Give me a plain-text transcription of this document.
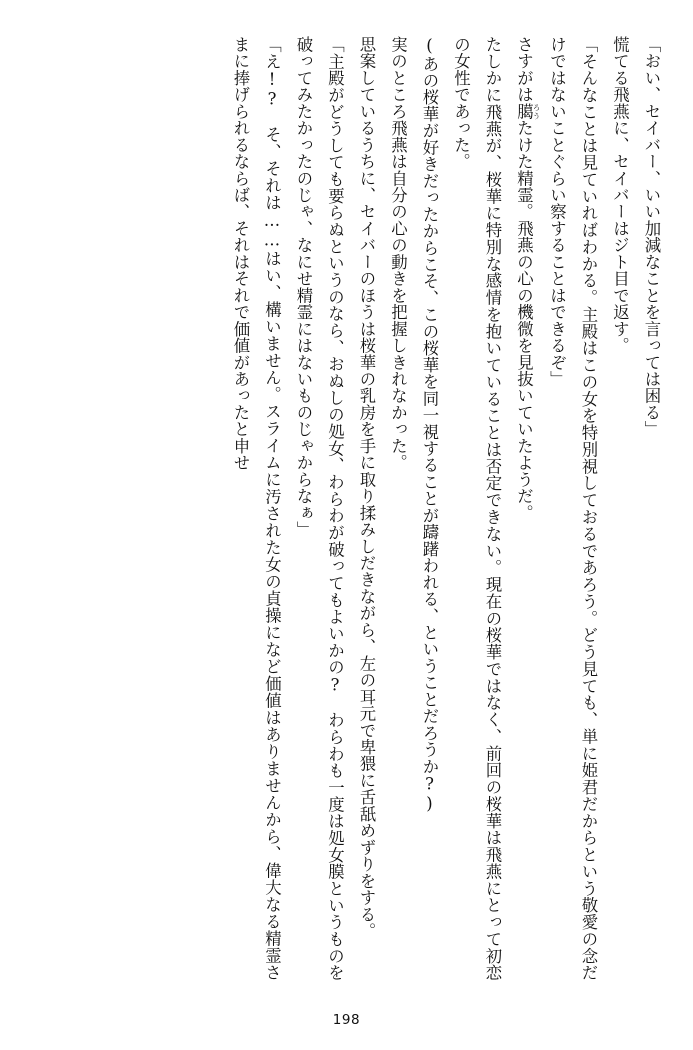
「おい、セイバー、いい加減なことを言っては困る」

慌てる飛燕に、セイバーはジト目で返す。

「そんなことは見ていればわかる。主殿はこの女を特別視しておるであろう。どう見ても、単に姫君だからという敬愛の念だけではないことぐらい察することはできるぞ」

さすがは臈 ろうたけた精霊。飛燕の心の機微を見抜いていたようだ。

たしかに飛燕が、桜華に特別な感情を抱いていることは否定できない。現在の桜華ではなく、前回の桜華は飛燕にとって初恋の女性であった。

(あの桜華が好きだったからこそ、この桜華を同一視することが躊躇われる、ということだろうか?)

実のところ飛燕は自分の心の動きを把握しきれなかった。

思案しているうちに、セイバーのほうは桜華の乳房を手に取り揉みしだきながら、左の耳元で卑猥に舌舐めずりをする。

「主殿がどうしても要らぬというのなら、おぬしの処女、わらわが破ってもよいかの?　わらわも一度は処女膜というものを破ってみたかったのじゃ、なにせ精霊にはないものじゃからなぁ」

「え!?　そ、それは……はい、構いません。スライムに汚された女の貞操になど価値はありませんから、偉大なる精霊さまに捧げられるならば、それはそれで価値があったと申せ

198
